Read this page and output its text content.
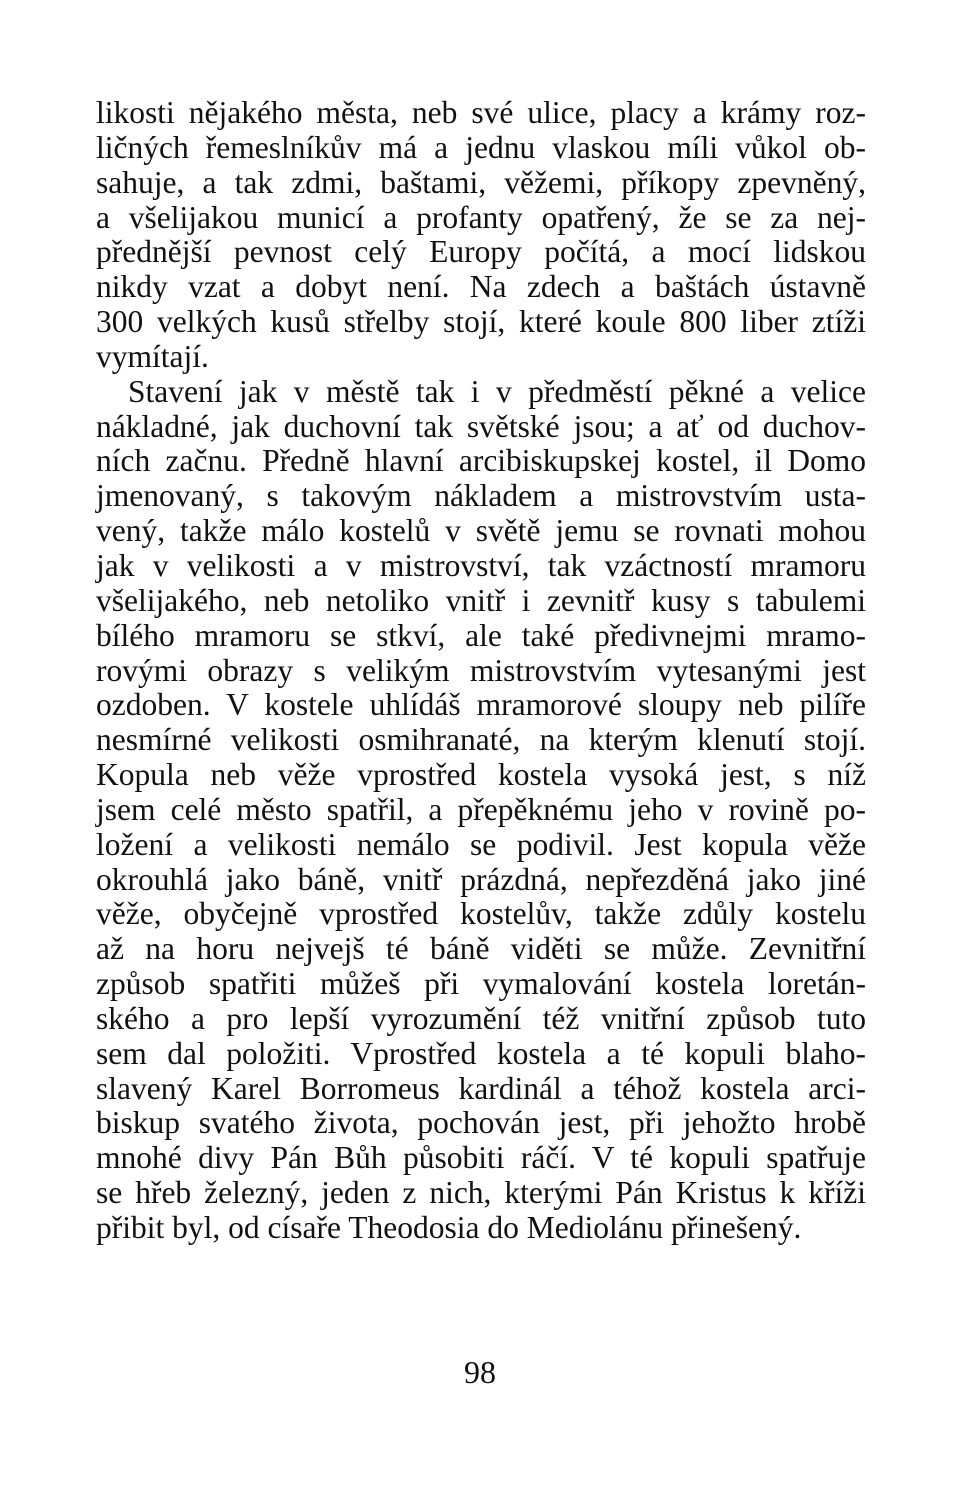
likosti nějakého města, neb své ulice, placy a krámy roz-
ličných řemeslníkův má a jednu vlaskou míli vůkol ob-
sahuje, a tak zdmi, baštami, věžemi, příkopy zpevněný,
a všelijakou municí a profanty opatřený, že se za nej-
přednější pevnost celý Europy počítá, a mocí lidskou
nikdy vzat a dobyt není. Na zdech a baštách ústavně
300 velkých kusů střelby stojí, které koule 800 liber ztíži
vymítají.
Stavení jak v městě tak i v předměstí pěkné a velice
nákladné, jak duchovní tak světské jsou; a ať od duchov-
ních začnu. Předně hlavní arcibiskupskej kostel, il Domo
jmenovaný, s takovým nákladem a mistrovstvím usta-
vený, takže málo kostelů v světě jemu se rovnati mohou
jak v velikosti a v mistrovství, tak vzáctností mramoru
všelijakého, neb netoliko vnitř i zevnitř kusy s tabulemi
bílého mramoru se stkví, ale také předivnejmi mramo-
rovými obrazy s velikým mistrovstvím vytesanými jest
ozdoben. V kostele uhlídáš mramorové sloupy neb pilíře
nesmírné velikosti osmihranaté, na kterým klenutí stojí.
Kopula neb věže vprostřed kostela vysoká jest, s níž
jsem celé město spatřil, a přepěknému jeho v rovině po-
ložení a velikosti nemálo se podivil. Jest kopula věže
okrouhlá jako báně, vnitř prázdná, nepřezděná jako jiné
věže, obyčejně vprostřed kostelův, takže zdůly kostelu
až na horu nejvejš té báně viděti se může. Zevnitřní
způsob spatřiti můžeš při vymalování kostela loretán-
ského a pro lepší vyrozumění též vnitřní způsob tuto
sem dal položiti. Vprostřed kostela a té kopuli blaho-
slavený Karel Borromeus kardinál a téhož kostela arci-
biskup svatého života, pochován jest, při jehožto hrobě
mnohé divy Pán Bůh působiti ráčí. V té kopuli spatřuje
se hřeb železný, jeden z nich, kterými Pán Kristus k kříži
přibit byl, od císaře Theodosia do Mediolánu přinešený.
98
